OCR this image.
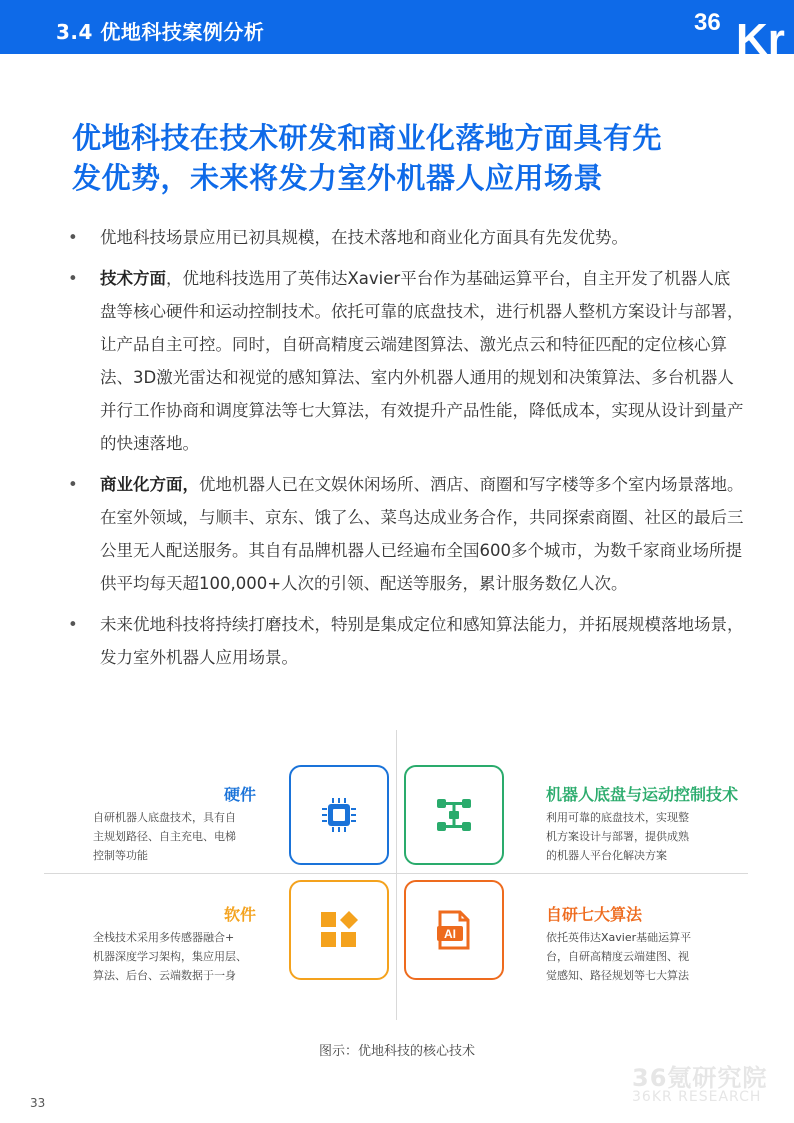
3.4 优地科技案例分析	36 Kr
优地科技在技术研发和商业化落地方面具有先
发优势，未来将发力室外机器人应用场景
• 优地科技场景应用已初具规模，在技术落地和商业化方面具有先发优势。
• 技术方面，优地科技选用了英伟达Xavier平台作为基础运算平台，自主开发了机器人底盘等核心硬件和运动控制技术。依托可靠的底盘技术，进行机器人整机方案设计与部署，让产品自主可控。同时，自研高精度云端建图算法、激光点云和特征匹配的定位核心算法、3D激光雷达和视觉的感知算法、室内外机器人通用的规划和决策算法、多台机器人并行工作协商和调度算法等七大算法，有效提升产品性能，降低成本，实现从设计到量产的快速落地。
• 商业化方面，优地机器人已在文娱休闲场所、酒店、商圈和写字楼等多个室内场景落地。在室外领域，与顺丰、京东、饿了么、菜鸟达成业务合作，共同探索商圈、社区的最后三公里无人配送服务。其自有品牌机器人已经遍布全国600多个城市，为数千家商业场所提供平均每天超100,000+人次的引领、配送等服务，累计服务数亿人次。
• 未来优地科技将持续打磨技术，特别是集成定位和感知算法能力，并拓展规模落地场景，发力室外机器人应用场景。
硬件
自研机器人底盘技术，具有自
主规划路径、自主充电、电梯
控制等功能
机器人底盘与运动控制技术
利用可靠的底盘技术，实现整
机方案设计与部署，提供成熟
的机器人平台化解决方案
软件
全栈技术采用多传感器融合+
机器深度学习架构，集应用层、
算法、后台、云端数据于一身
自研七大算法
依托英伟达Xavier基础运算平
台，自研高精度云端建图、视
觉感知、路径规划等七大算法
AI
图示：优地科技的核心技术
36氪研究院
36KR RESEARCH
33
